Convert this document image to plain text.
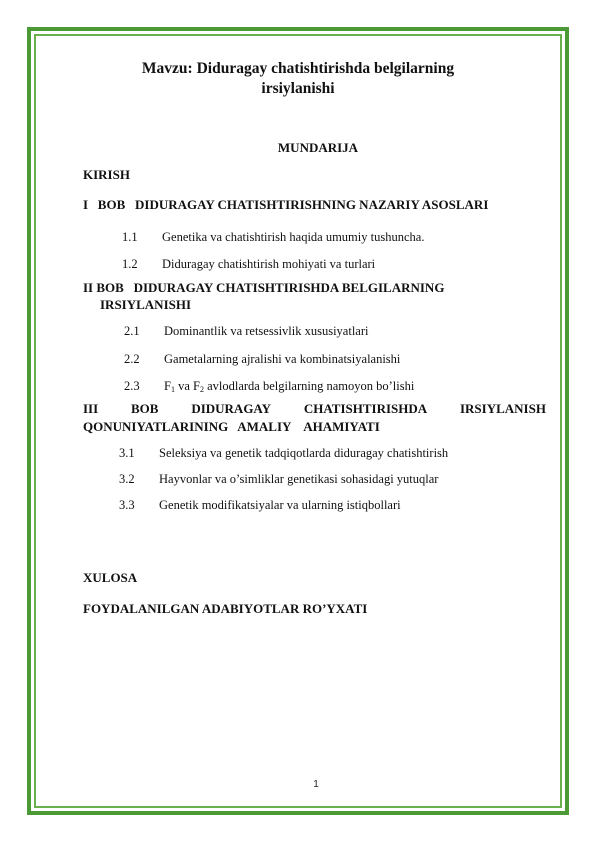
Mavzu: Diduragay chatishtirishda belgilarning
irsiylanishi
MUNDARIJA
KIRISH
I   BOB   DIDURAGAY CHATISHTIRISHNING NAZARIY ASOSLARI
1.1 Genetika va chatishtirish haqida umumiy tushuncha.
1.2 Diduragay chatishtirish mohiyati va turlari
II BOB   DIDURAGAY CHATISHTIRISHDA BELGILARNING
IRSIYLANISHI
2.1 Dominantlik va retsessivlik xususiyatlari
2.2 Gametalarning ajralishi va kombinatsiyalanishi
2.3 $F_1$ va $F_2$ avlodlarda belgilarning namoyon bo’lishi
III	BOB	DIDURAGAY	CHATISHTIRISHDA	IRSIYLANISH
QONUNIYATLARINING   AMALIY    AHAMIYATI
3.1 Seleksiya va genetik tadqiqotlarda diduragay chatishtirish
3.2 Hayvonlar va o’simliklar genetikasi sohasidagi yutuqlar
3.3 Genetik modifikatsiyalar va ularning istiqbollari
XULOSA
FOYDALANILGAN ADABIYOTLAR RO’YXATI
1
